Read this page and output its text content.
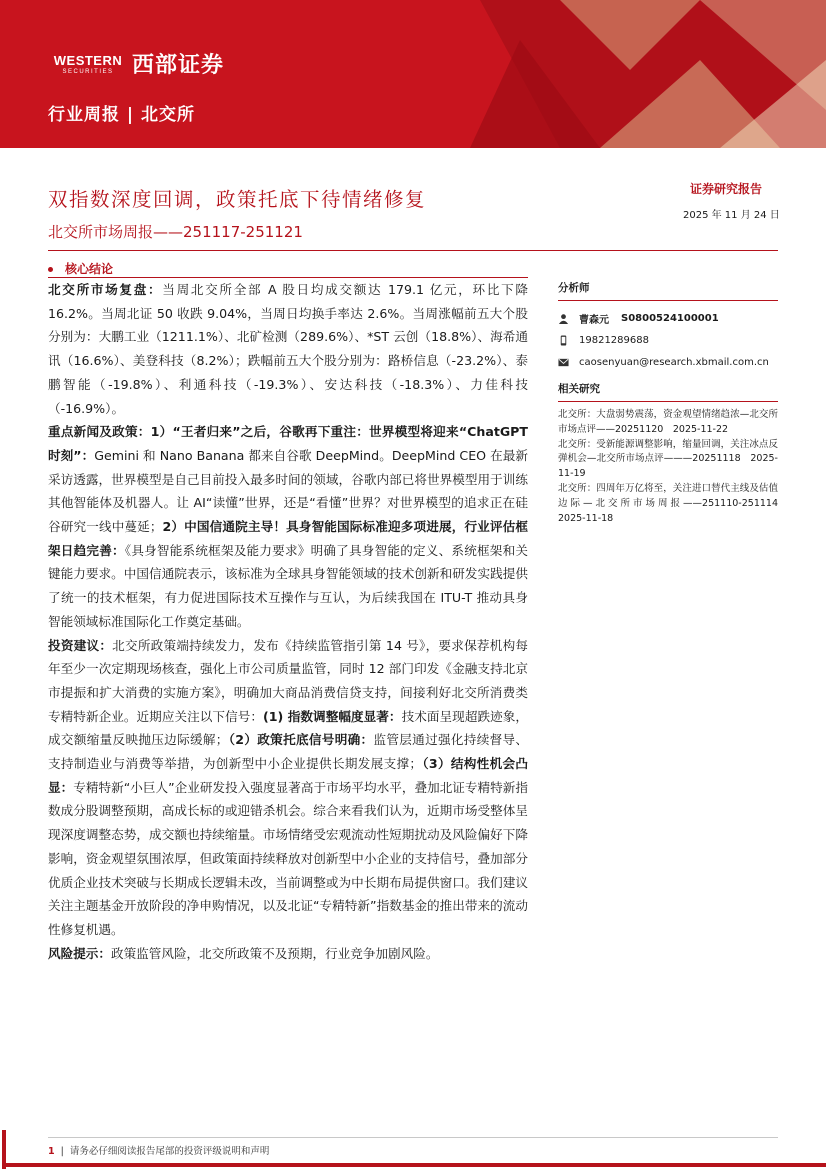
WESTERN
SECURITIES 西部证券
行业周报 | 北交所
双指数深度回调，政策托底下待情绪修复
北交所市场周报——251117-251121
证券研究报告
2025 年 11 月 24 日
核心结论

北交所市场复盘：当周北交所全部 A 股日均成交额达 179.1 亿元，环比下降 16.2%。当周北证 50 收跌 9.04%，当周日均换手率达 2.6%。当周涨幅前五大个股分别为：大鹏工业（1211.1%）、北矿检测（289.6%）、*ST 云创（18.8%）、海希通讯（16.6%）、美登科技（8.2%）；跌幅前五大个股分别为：路桥信息（-23.2%）、泰鹏智能（-19.8%）、利通科技（-19.3%）、安达科技（-18.3%）、力佳科技（-16.9%）。

重点新闻及政策：1）“王者归来”之后，谷歌再下重注：世界模型将迎来“ChatGPT 时刻”：Gemini 和 Nano Banana 都来自谷歌 DeepMind。DeepMind CEO 在最新采访透露，世界模型是自己目前投入最多时间的领域，谷歌内部已将世界模型用于训练其他智能体及机器人。让 AI“读懂”世界，还是“看懂”世界？对世界模型的追求正在硅谷研究一线中蔓延；2）中国信通院主导！具身智能国际标准迎多项进展，行业评估框架日趋完善：《具身智能系统框架及能力要求》明确了具身智能的定义、系统框架和关键能力要求。中国信通院表示，该标准为全球具身智能领域的技术创新和研发实践提供了统一的技术框架，有力促进国际技术互操作与互认，为后续我国在 ITU-T 推动具身智能领域标准国际化工作奠定基础。

投资建议：北交所政策端持续发力，发布《持续监管指引第 14 号》，要求保荐机构每年至少一次定期现场核查，强化上市公司质量监管，同时 12 部门印发《金融支持北京市提振和扩大消费的实施方案》，明确加大商品消费信贷支持，间接利好北交所消费类专精特新企业。近期应关注以下信号：(1) 指数调整幅度显著：技术面呈现超跌迹象，成交额缩量反映抛压边际缓解；（2）政策托底信号明确：监管层通过强化持续督导、支持制造业与消费等举措，为创新型中小企业提供长期发展支撑；（3）结构性机会凸显：专精特新“小巨人”企业研发投入强度显著高于市场平均水平，叠加北证专精特新指数成分股调整预期，高成长标的或迎错杀机会。综合来看我们认为，近期市场受整体呈现深度调整态势，成交额也持续缩量。市场情绪受宏观流动性短期扰动及风险偏好下降影响，资金观望氛围浓厚，但政策面持续释放对创新型中小企业的支持信号，叠加部分优质企业技术突破与长期成长逻辑未改，当前调整或为中长期布局提供窗口。我们建议关注主题基金开放阶段的净申购情况，以及北证“专精特新”指数基金的推出带来的流动性修复机遇。

风险提示：政策监管风险，北交所政策不及预期，行业竞争加剧风险。

分析师
曹森元 S0800524100001
19821289688
caosenyuan@research.xbmail.com.cn
相关研究
北交所：大盘弱势震荡，资金观望情绪趋浓—北交所市场点评——20251120　2025-11-22
北交所：受新能源调整影响，缩量回调，关注冰点反弹机会—北交所市场点评———20251118　2025-11-19
北交所：四周年万亿将至，关注进口替代主线及估值边际—北交所市场周报——251110-251114　2025-11-18
1 | 请务必仔细阅读报告尾部的投资评级说明和声明
